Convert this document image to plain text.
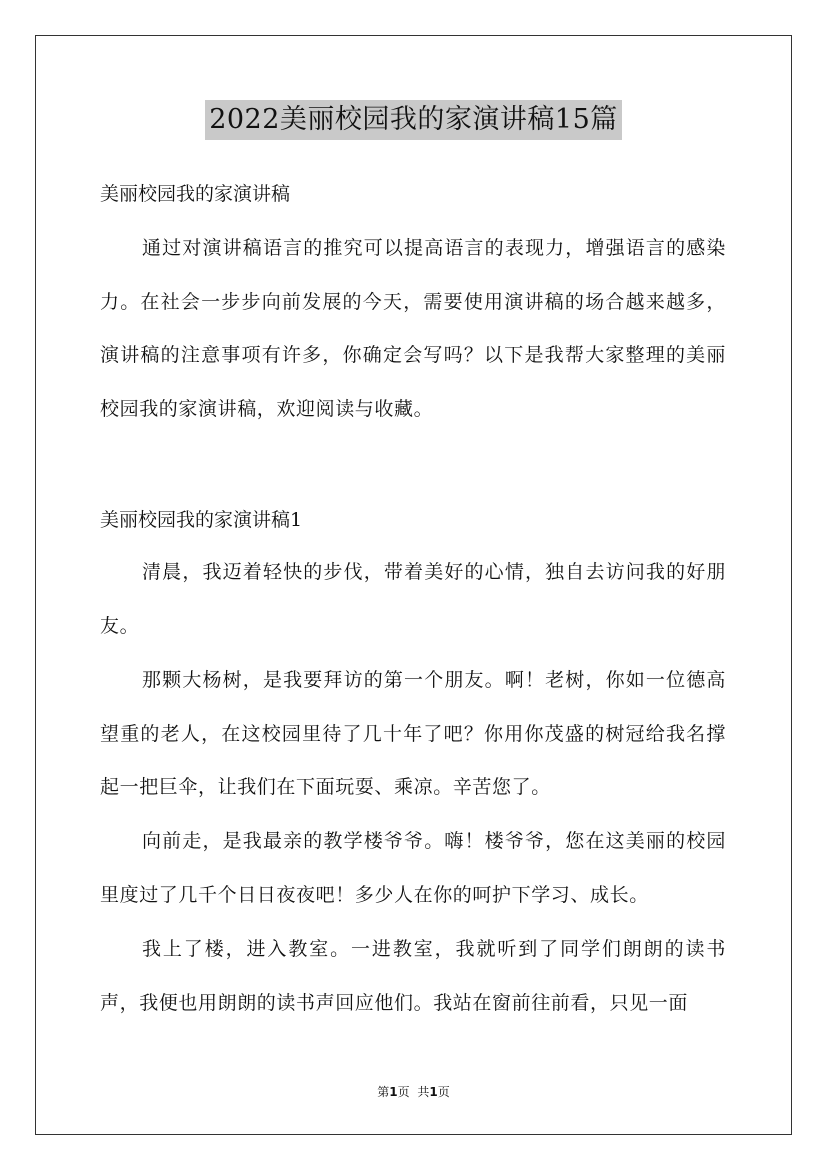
2022美丽校园我的家演讲稿15篇
美丽校园我的家演讲稿
通过对演讲稿语言的推究可以提高语言的表现力，增强语言的感染力。在社会一步步向前发展的今天，需要使用演讲稿的场合越来越多，演讲稿的注意事项有许多，你确定会写吗？以下是我帮大家整理的美丽校园我的家演讲稿，欢迎阅读与收藏。
美丽校园我的家演讲稿1
清晨，我迈着轻快的步伐，带着美好的心情，独自去访问我的好朋友。
那颗大杨树，是我要拜访的第一个朋友。啊！老树，你如一位德高望重的老人，在这校园里待了几十年了吧？你用你茂盛的树冠给我名撑起一把巨伞，让我们在下面玩耍、乘凉。辛苦您了。
向前走，是我最亲的教学楼爷爷。嗨！楼爷爷，您在这美丽的校园里度过了几千个日日夜夜吧！多少人在你的呵护下学习、成长。
我上了楼，进入教室。一进教室，我就听到了同学们朗朗的读书声，我便也用朗朗的读书声回应他们。我站在窗前往前看，只见一面
第1页 共1页
